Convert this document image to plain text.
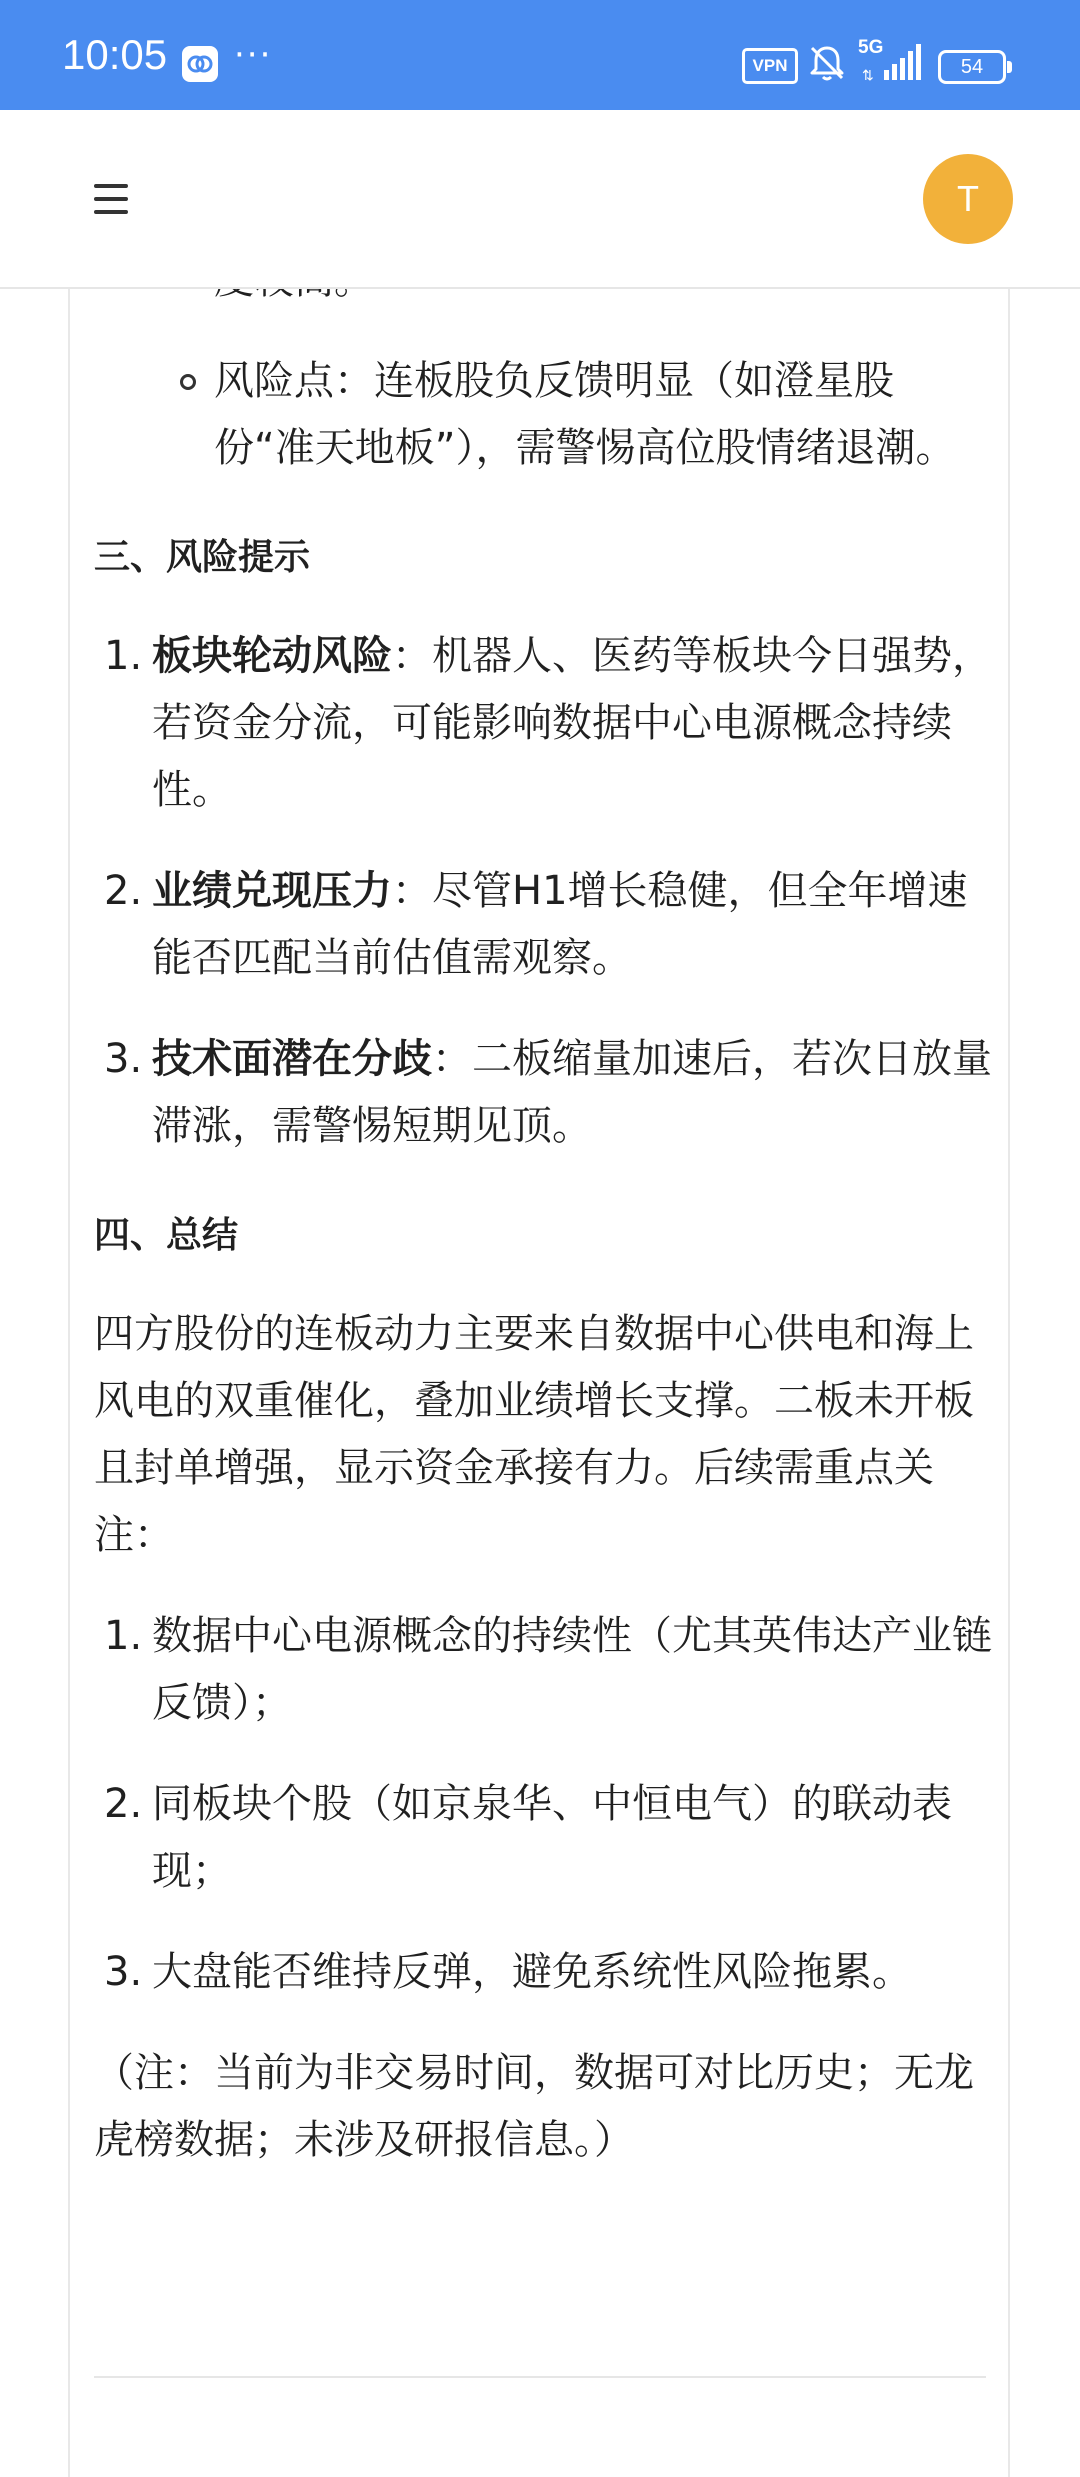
10:05 ···	VPN
5G
⇅	54
T

风险点：连板股负反馈明显（如澄星股份“准天地板”），需警惕高位股情绪退潮。

三、风险提示

1. 板块轮动风险：机器人、医药等板块今日强势，若资金分流，可能影响数据中心电源概念持续性。

2. 业绩兑现压力：尽管H1增长稳健，但全年增速能否匹配当前估值需观察。

3. 技术面潜在分歧：二板缩量加速后，若次日放量滞涨，需警惕短期见顶。

四、总结

四方股份的连板动力主要来自数据中心供电和海上风电的双重催化，叠加业绩增长支撑。二板未开板且封单增强，显示资金承接有力。后续需重点关注：

1. 数据中心电源概念的持续性（尤其英伟达产业链反馈）；

2. 同板块个股（如京泉华、中恒电气）的联动表现；

3. 大盘能否维持反弹，避免系统性风险拖累。

（注：当前为非交易时间，数据可对比历史；无龙虎榜数据；未涉及研报信息。）
